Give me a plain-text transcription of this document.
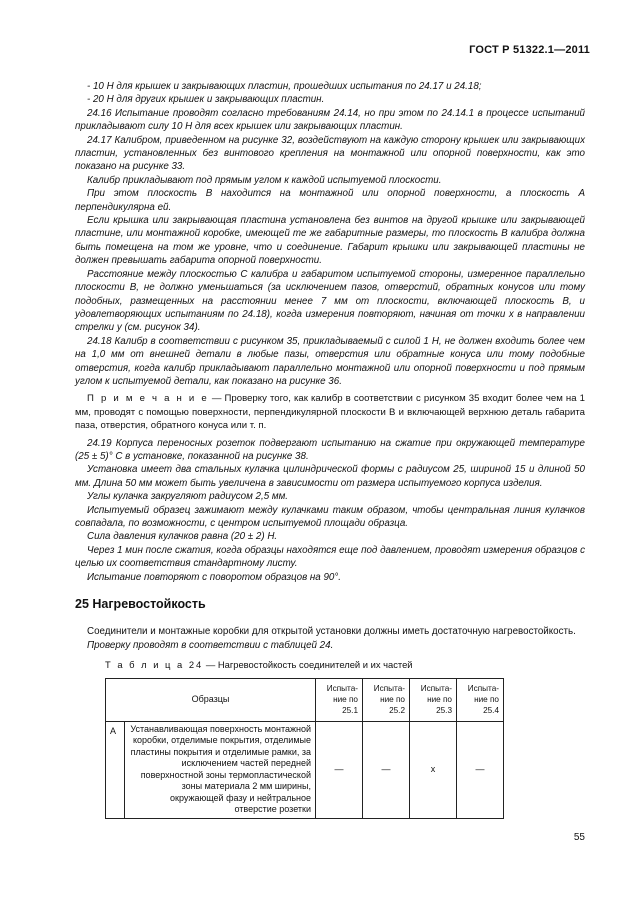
ГОСТ Р 51322.1—2011

- 10 Н для крышек и закрывающих пластин, прошедших испытания по 24.17 и 24.18;

- 20 Н для других крышек и закрывающих пластин.

24.16 Испытание проводят согласно требованиям 24.14, но при этом по 24.14.1 в процессе испытаний прикладывают силу 10 Н для всех крышек или закрывающих пластин.

24.17 Калибром, приведенном на рисунке 32, воздействуют на каждую сторону крышек или закрывающих пластин, установленных без винтового крепления на монтажной или опорной поверхности, как это показано на рисунке 33.

Калибр прикладывают под прямым углом к каждой испытуемой плоскости.

При этом плоскость В находится на монтажной или опорной поверхности, а плоскость А перпендикулярна ей.

Если крышка или закрывающая пластина установлена без винтов на другой крышке или закрывающей пластине, или монтажной коробке, имеющей те же габаритные размеры, то плоскость В калибра должна быть помещена на том же уровне, что и соединение. Габарит крышки или закрывающей пластины не должен превышать габарита опорной поверхности.

Расстояние между плоскостью С калибра и габаритом испытуемой стороны, измеренное параллельно плоскости В, не должно уменьшаться (за исключением пазов, отверстий, обратных конусов или тому подобных, размещенных на расстоянии менее 7 мм от плоскости, включающей плоскость В, и удовлетворяющих испытаниям по 24.18), когда измерения повторяют, начиная от точки х в направлении стрелки у (см. рисунок 34).

24.18 Калибр в соответствии с рисунком 35, прикладываемый с силой 1 Н, не должен входить более чем на 1,0 мм от внешней детали в любые пазы, отверстия или обратные конуса или тому подобные отверстия, когда калибр прикладывают параллельно монтажной или опорной поверхности и под прямым углом к испытуемой детали, как показано на рисунке 36.

П р и м е ч а н и е — Проверку того, как калибр в соответствии с рисунком 35 входит более чем на 1 мм, проводят с помощью поверхности, перпендикулярной плоскости В и включающей верхнюю деталь габарита паза, отверстия, обратного конуса или т. п.

24.19 Корпуса переносных розеток подвергают испытанию на сжатие при окружающей температуре (25 ± 5)° С в установке, показанной на рисунке 38.

Установка имеет два стальных кулачка цилиндрической формы с радиусом 25, шириной 15 и длиной 50 мм. Длина 50 мм может быть увеличена в зависимости от размера испытуемого корпуса изделия.

Углы кулачка закругляют радиусом 2,5 мм.

Испытуемый образец зажимают между кулачками таким образом, чтобы центральная линия кулачков совпадала, по возможности, с центром испытуемой площади образца.

Сила давления кулачков равна (20 ± 2) Н.

Через 1 мин после сжатия, когда образцы находятся еще под давлением, проводят измерения образцов с целью их соответствия стандартному листу.

Испытание повторяют с поворотом образцов на 90°.

25 Нагревостойкость

Соединители и монтажные коробки для открытой установки должны иметь достаточную нагревостойкость.

Проверку проводят в соответствии с таблицей 24.

Т а б л и ц а 24 — Нагревостойкость соединителей и их частей

Образцы		Испыта-ние по 25.1	Испыта-ние по 25.2	Испыта-ние по 25.3	Испыта-ние по 25.4
А	Устанавливающая поверхность монтажной коробки, отделимые покрытия, отделимые пластины покрытия и отделимые рамки, за исключением частей передней поверхностной зоны термопластической зоны материала 2 мм ширины, окружающей фазу и нейтральное отверстие розетки	—	—	x	—
55
